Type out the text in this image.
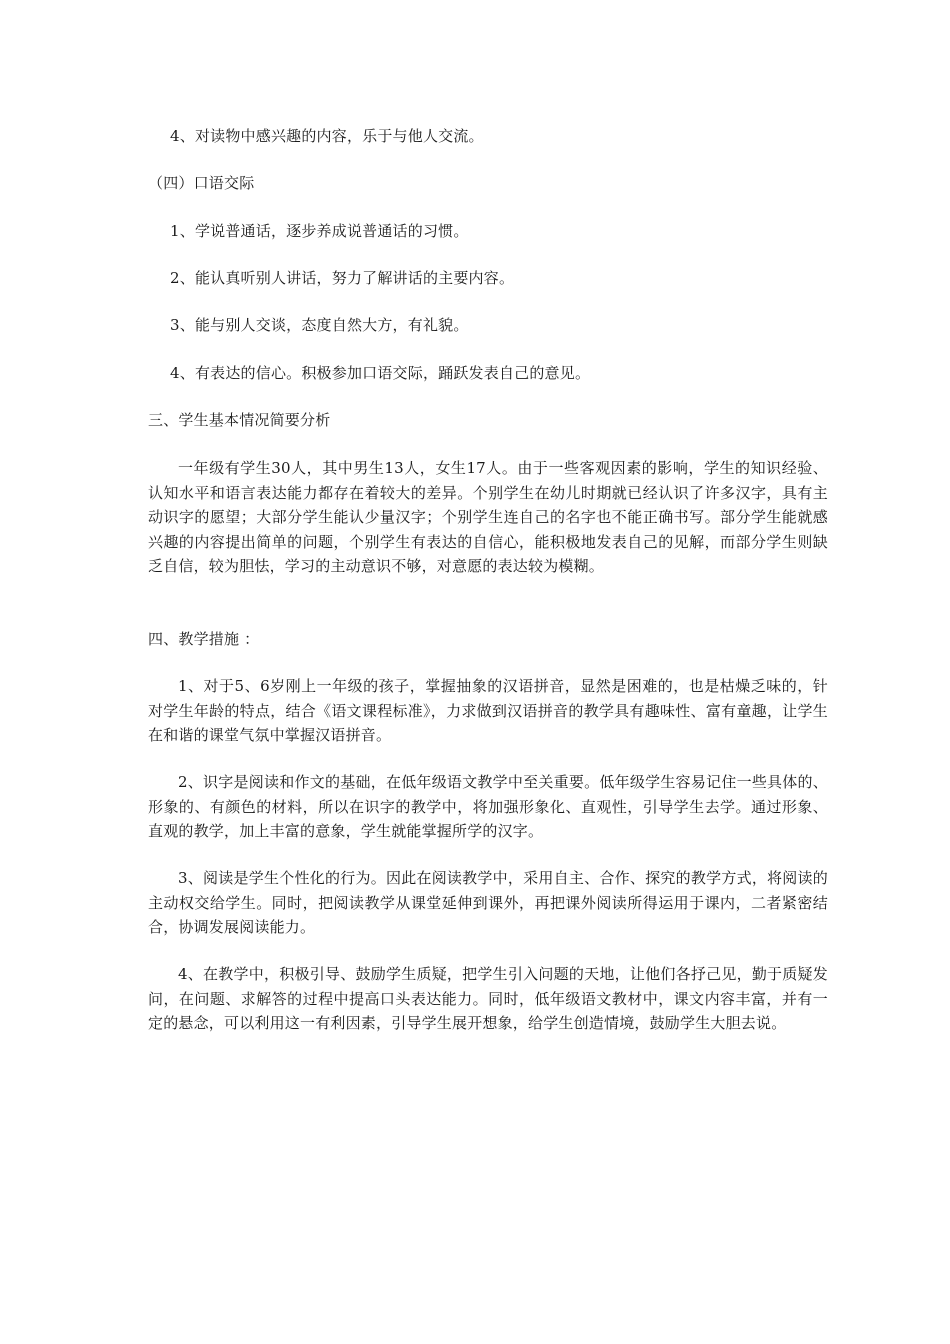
4、对读物中感兴趣的内容，乐于与他人交流。
（四）口语交际
1、学说普通话，逐步养成说普通话的习惯。
2、能认真听别人讲话，努力了解讲话的主要内容。
3、能与别人交谈，态度自然大方，有礼貌。
4、有表达的信心。积极参加口语交际，踊跃发表自己的意见。
三、学生基本情况简要分析

一年级有学生30人，其中男生13人，女生17人。由于一些客观因素的影响，学生的知识经验、认知水平和语言表达能力都存在着较大的差异。个别学生在幼儿时期就已经认识了许多汉字，具有主动识字的愿望；大部分学生能认少量汉字；个别学生连自己的名字也不能正确书写。部分学生能就感兴趣的内容提出简单的问题，个别学生有表达的自信心，能积极地发表自己的见解，而部分学生则缺乏自信，较为胆怯，学习的主动意识不够，对意愿的表达较为模糊。

四、教学措施 ：

1、对于5、6岁刚上一年级的孩子，掌握抽象的汉语拼音，显然是困难的，也是枯燥乏味的，针对学生年龄的特点，结合《语文课程标准》，力求做到汉语拼音的教学具有趣味性、富有童趣，让学生在和谐的课堂气氛中掌握汉语拼音。

2、识字是阅读和作文的基础，在低年级语文教学中至关重要。低年级学生容易记住一些具体的、形象的、有颜色的材料，所以在识字的教学中，将加强形象化、直观性，引导学生去学。通过形象、直观的教学，加上丰富的意象，学生就能掌握所学的汉字。

3、阅读是学生个性化的行为。因此在阅读教学中，采用自主、合作、探究的教学方式，将阅读的主动权交给学生。同时，把阅读教学从课堂延伸到课外，再把课外阅读所得运用于课内，二者紧密结合，协调发展阅读能力。

4、在教学中，积极引导、鼓励学生质疑，把学生引入问题的天地，让他们各抒己见，勤于质疑发问，在问题、求解答的过程中提高口头表达能力。同时，低年级语文教材中，课文内容丰富，并有一定的悬念，可以利用这一有利因素，引导学生展开想象，给学生创造情境，鼓励学生大胆去说。
